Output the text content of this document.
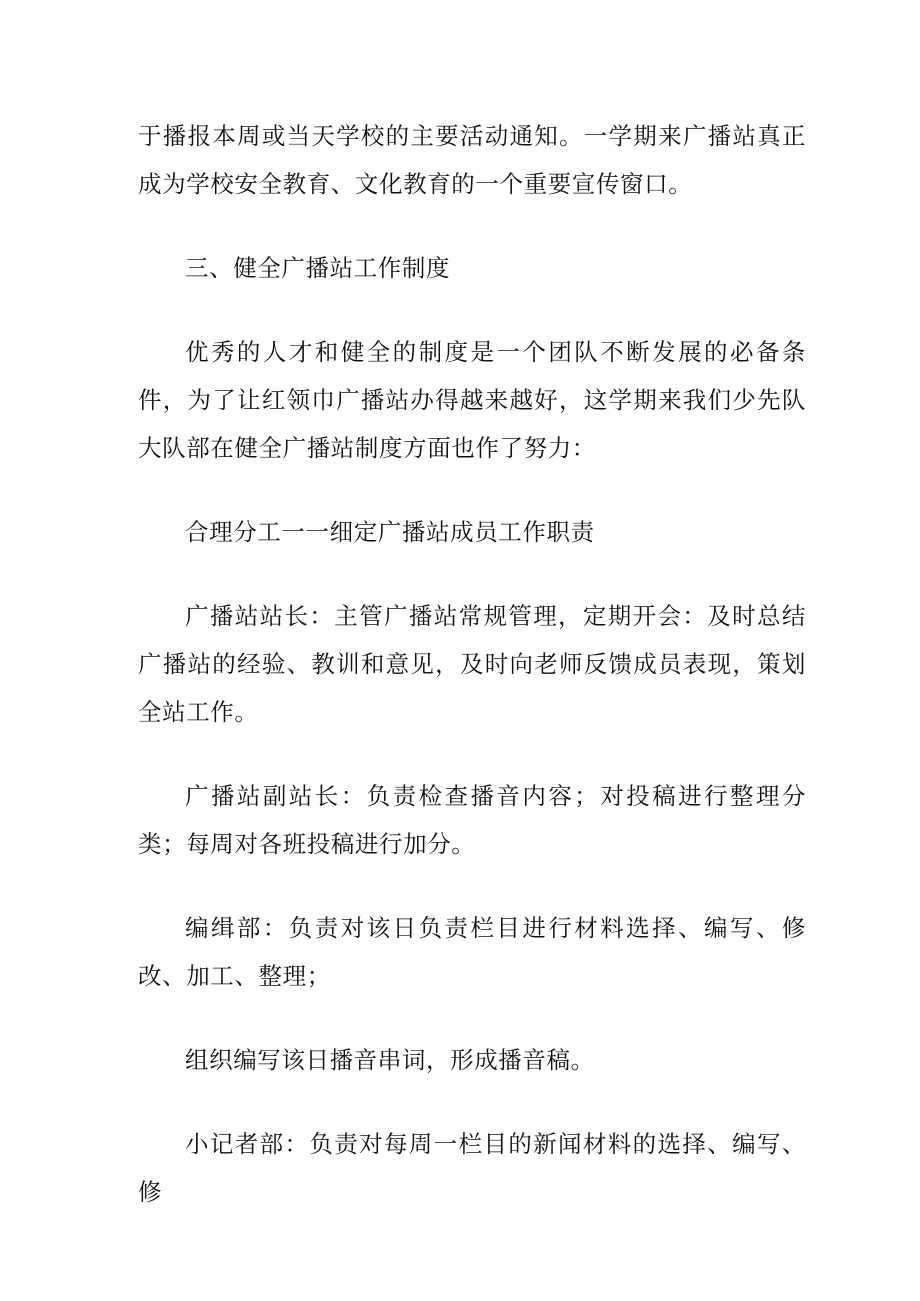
于播报本周或当天学校的主要活动通知。一学期来广播站真正成为学校安全教育、文化教育的一个重要宣传窗口。

三、健全广播站工作制度

优秀的人才和健全的制度是一个团队不断发展的必备条件，为了让红领巾广播站办得越来越好，这学期来我们少先队大队部在健全广播站制度方面也作了努力：

合理分工一一细定广播站成员工作职责

广播站站长：主管广播站常规管理，定期开会：及时总结广播站的经验、教训和意见，及时向老师反馈成员表现，策划全站工作。

广播站副站长：负责检查播音内容；对投稿进行整理分类；每周对各班投稿进行加分。

编缉部：负责对该日负责栏目进行材料选择、编写、修改、加工、整理；

组织编写该日播音串词，形成播音稿。

小记者部：负责对每周一栏目的新闻材料的选择、编写、修
